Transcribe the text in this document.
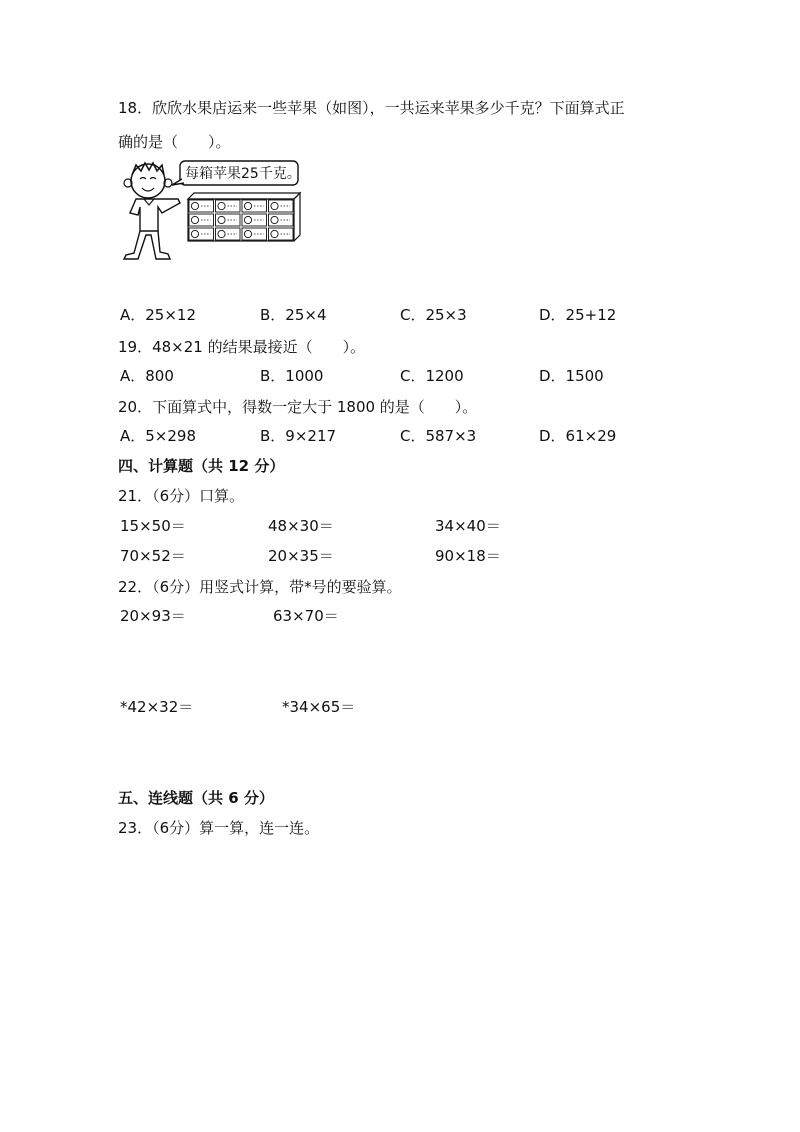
18．欣欣水果店运来一些苹果（如图），一共运来苹果多少千克？下面算式正
确的是（　　）。
每箱苹果25千克。
A．25×12	B．25×4	C．25×3	D．25+12
19．48×21 的结果最接近（　　）。
A．800	B．1000	C．1200	D．1500
20．下面算式中，得数一定大于 1800 的是（　　）。
A．5×298	B．9×217	C．587×3	D．61×29
四、计算题（共 12 分）
21．（6分）口算。
15×50＝	48×30＝	34×40＝
70×52＝	20×35＝	90×18＝
22．（6分）用竖式计算，带*号的要验算。
20×93＝	63×70＝
*42×32＝	*34×65＝
五、连线题（共 6 分）
23．（6分）算一算，连一连。
